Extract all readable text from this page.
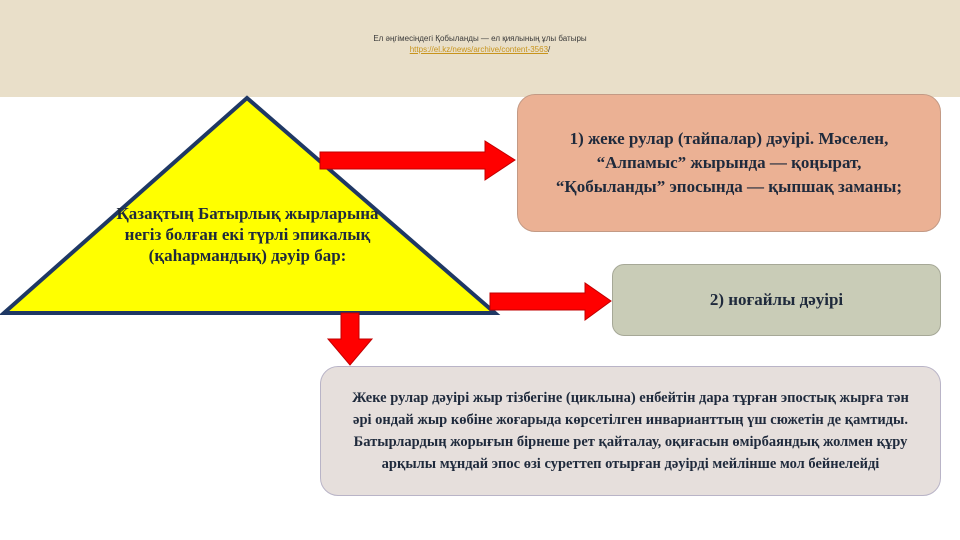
Ел әңгімесіндегі Қобыланды — ел қиялының ұлы батыры
https://el.kz/news/archive/content-3563/
Қазақтың Батырлық жырларына негіз болған екі түрлі эпикалық (қаһармандық) дәуір бар:
1) жеке рулар (тайпалар) дәуірі. Мәселен, “Алпамыс” жырында — қоңырат, “Қобыланды” эпосында — қыпшақ заманы;
2) ноғайлы дәуірі
Жеке рулар дәуірі жыр тізбегіне (циклына) енбейтін дара тұрған эпостық жырға тән әрі ондай жыр көбіне жоғарыда көрсетілген инварианттың үш сюжетін де қамтиды. Батырлардың жорығын бірнеше рет қайталау, оқиғасын өмірбаяндық жолмен құру арқылы мұндай эпос өзі суреттеп отырған дәуірді мейлінше мол бейнелейді
